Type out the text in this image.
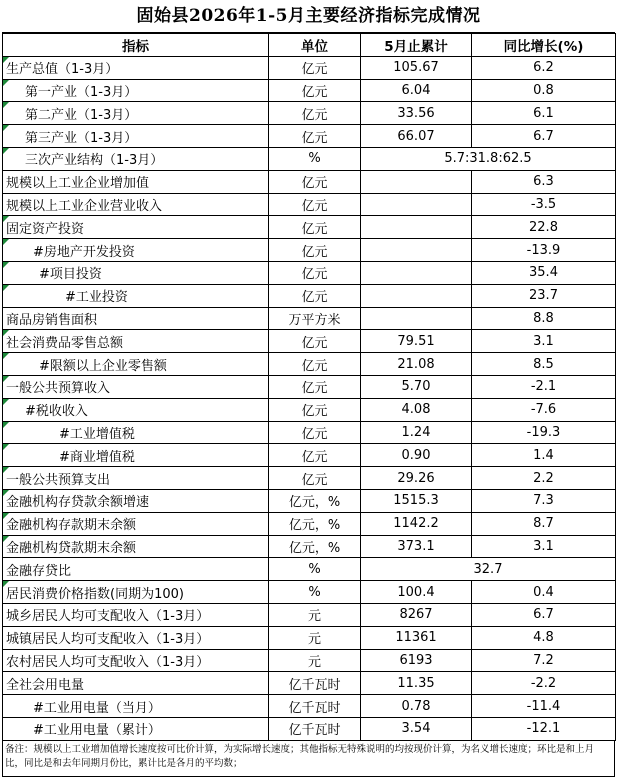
固始县2026年1-5月主要经济指标完成情况
指标	单位	5月止累计	同比增长(%)
生产总值（1-3月）	亿元	105.67	6.2
第一产业（1-3月）	亿元	6.04	0.8
第二产业（1-3月）	亿元	33.56	6.1
第三产业（1-3月）	亿元	66.07	6.7
三次产业结构（1-3月）	%	5.7:31.8:62.5	
规模以上工业企业增加值	亿元		6.3
规模以上工业企业营业收入	亿元		-3.5
固定资产投资	亿元		22.8
#房地产开发投资	亿元		-13.9
#项目投资	亿元		35.4
#工业投资	亿元		23.7
商品房销售面积	万平方米		8.8
社会消费品零售总额	亿元	79.51	3.1
#限额以上企业零售额	亿元	21.08	8.5
一般公共预算收入	亿元	5.70	-2.1
#税收收入	亿元	4.08	-7.6
#工业增值税	亿元	1.24	-19.3
#商业增值税	亿元	0.90	1.4
一般公共预算支出	亿元	29.26	2.2
金融机构存贷款余额增速	亿元，%	1515.3	7.3
金融机构存款期末余额	亿元，%	1142.2	8.7
金融机构贷款期末余额	亿元，%	373.1	3.1
金融存贷比	%	32.7	
居民消费价格指数(同期为100)	%	100.4	0.4
城乡居民人均可支配收入（1-3月）	元	8267	6.7
城镇居民人均可支配收入（1-3月）	元	11361	4.8
农村居民人均可支配收入（1-3月）	元	6193	7.2
全社会用电量	亿千瓦时	11.35	-2.2
#工业用电量（当月）	亿千瓦时	0.78	-11.4
#工业用电量（累计）	亿千瓦时	3.54	-12.1
备注：规模以上工业增加值增长速度按可比价计算，为实际增长速度；其他指标无特殊说明的均按现价计算，为名义增长速度；环比是和上月比，同比是和去年同期月份比，累计比是各月的平均数；
